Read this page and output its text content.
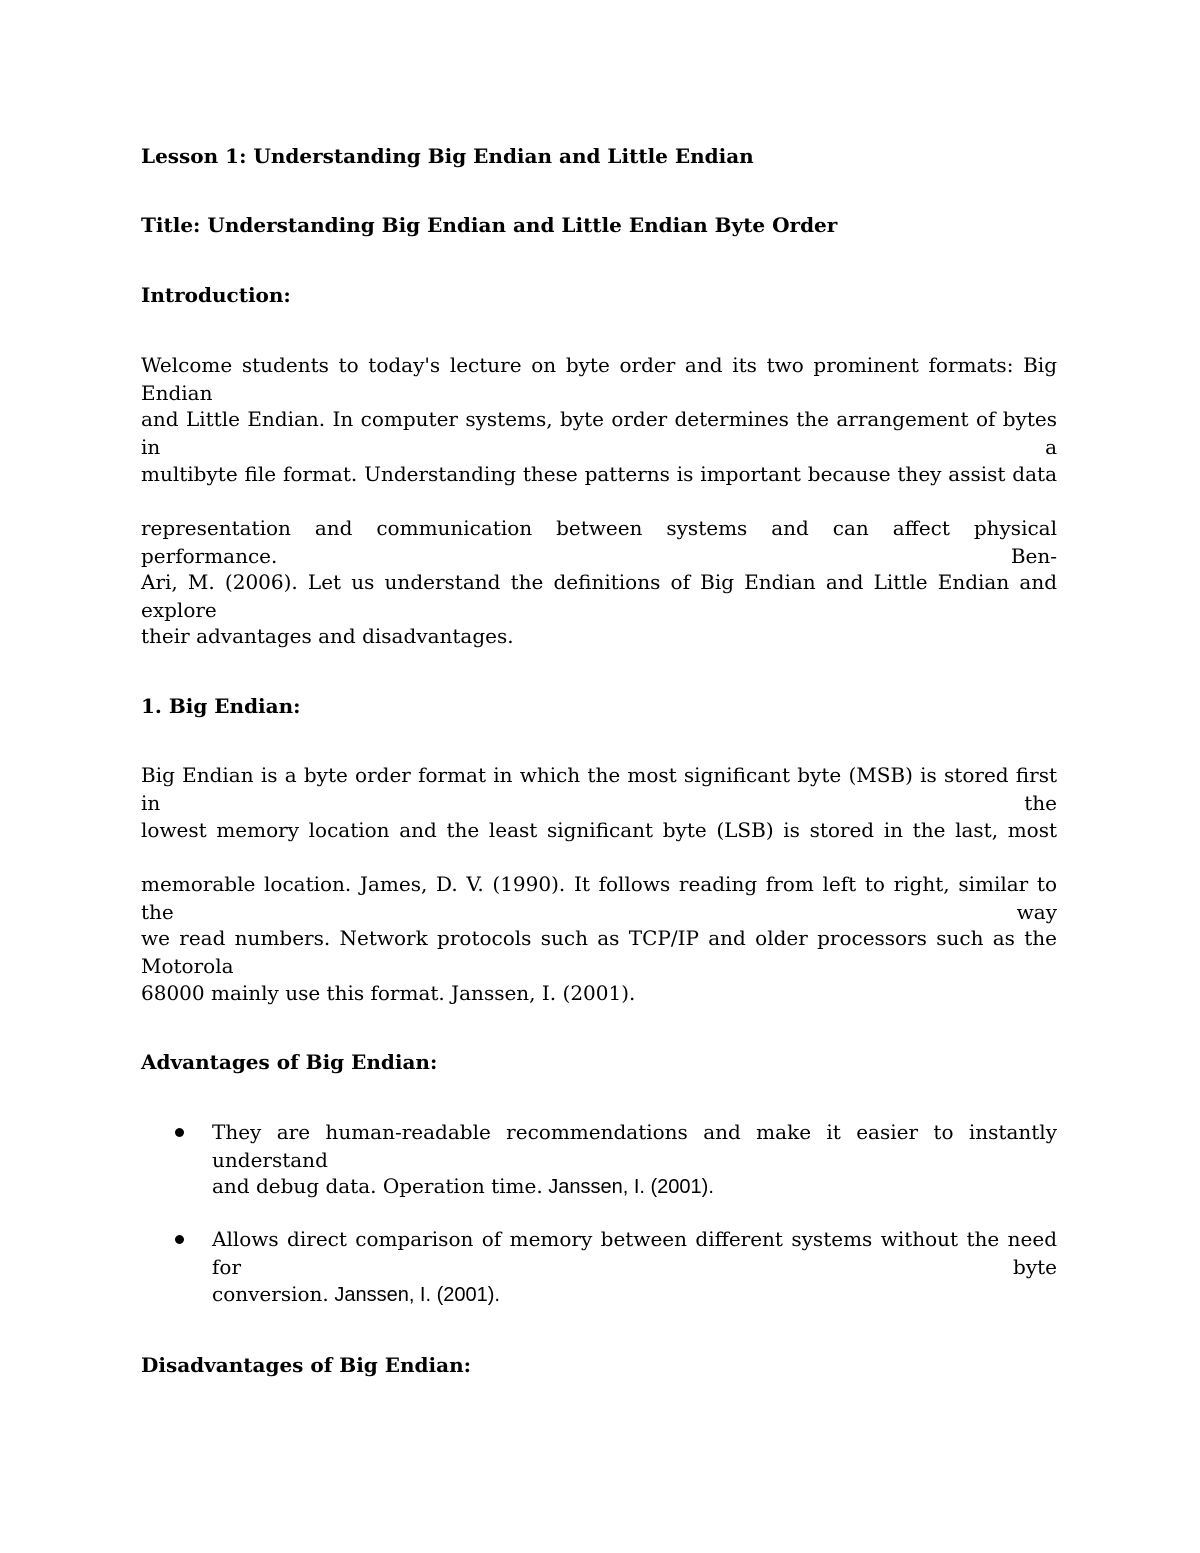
Lesson 1: Understanding Big Endian and Little Endian

Title: Understanding Big Endian and Little Endian Byte Order

Introduction:

Welcome students to today's lecture on byte order and its two prominent formats: Big Endian

and Little Endian. In computer systems, byte order determines the arrangement of bytes in a

multibyte file format. Understanding these patterns is important because they assist data

representation and communication between systems and can affect physical performance. Ben-

Ari, M. (2006). Let us understand the definitions of Big Endian and Little Endian and explore

their advantages and disadvantages.

1. Big Endian:

Big Endian is a byte order format in which the most significant byte (MSB) is stored first in the

lowest memory location and the least significant byte (LSB) is stored in the last, most

memorable location. James, D. V. (1990). It follows reading from left to right, similar to the way

we read numbers. Network protocols such as TCP/IP and older processors such as the Motorola

68000 mainly use this format. Janssen, I. (2001).

Advantages of Big Endian:

They are human-readable recommendations and make it easier to instantly understand

and debug data. Operation time. Janssen, I. (2001).

Allows direct comparison of memory between different systems without the need for byte

conversion. Janssen, I. (2001).

Disadvantages of Big Endian:
